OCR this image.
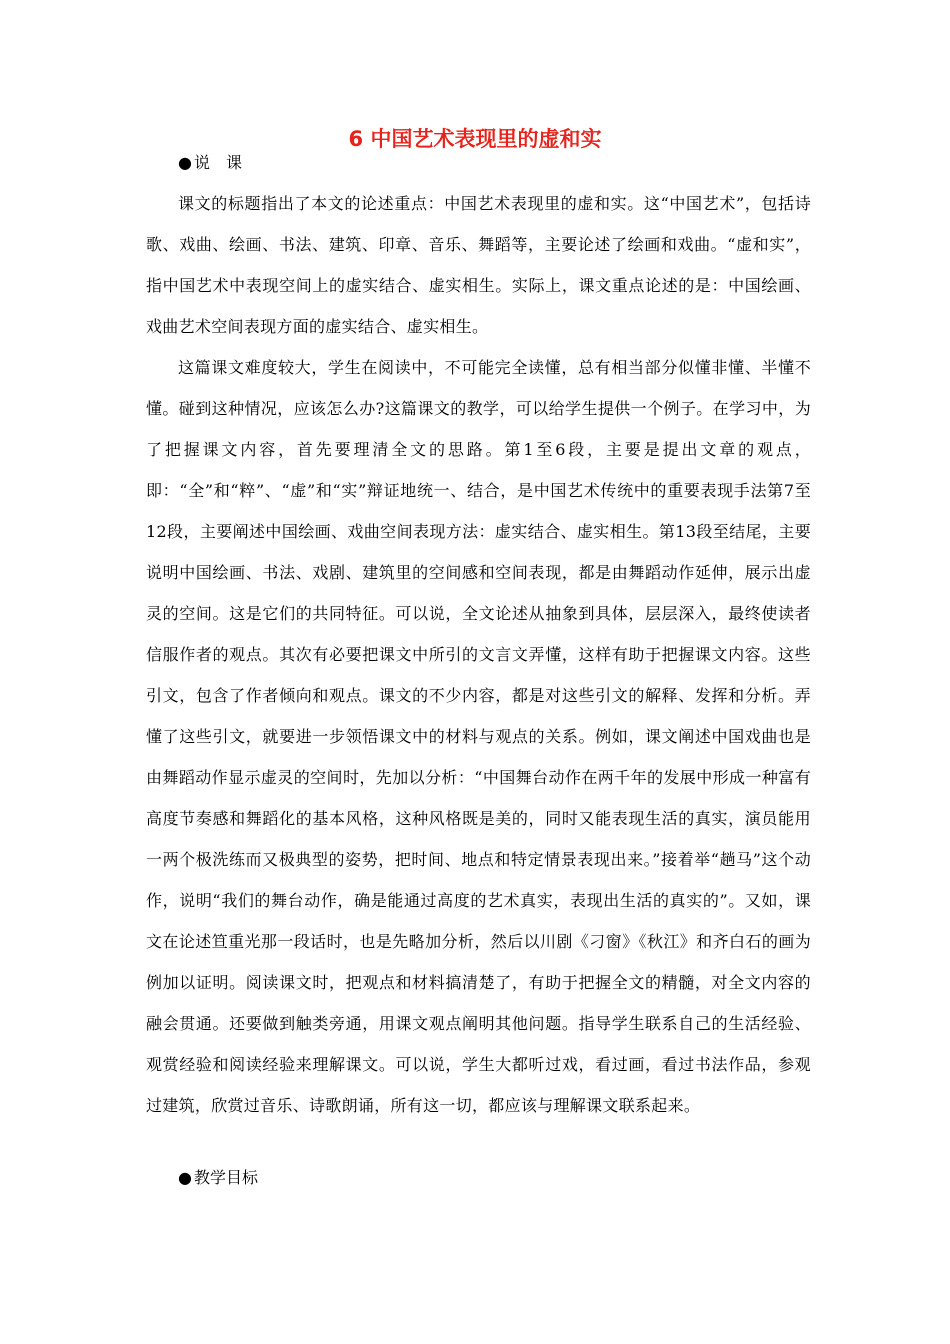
6 中国艺术表现里的虚和实
● 说　课

课文的标题指出了本文的论述重点：中国艺术表现里的虚和实。这“中国艺术”，包括诗歌、戏曲、绘画、书法、建筑、印章、音乐、舞蹈等，主要论述了绘画和戏曲。“虚和实”，指中国艺术中表现空间上的虚实结合、虚实相生。实际上，课文重点论述的是：中国绘画、戏曲艺术空间表现方面的虚实结合、虚实相生。

这篇课文难度较大，学生在阅读中，不可能完全读懂，总有相当部分似懂非懂、半懂不懂。碰到这种情况，应该怎么办?这篇课文的教学，可以给学生提供一个例子。在学习中，为了把握课文内容，首先要理清全文的思路。第1至6段，主要是提出文章的观点，即：“全”和“粹”、“虚”和“实”辩证地统一、结合，是中国艺术传统中的重要表现手法第7至12段，主要阐述中国绘画、戏曲空间表现方法：虚实结合、虚实相生。第13段至结尾，主要说明中国绘画、书法、戏剧、建筑里的空间感和空间表现，都是由舞蹈动作延伸，展示出虚灵的空间。这是它们的共同特征。可以说，全文论述从抽象到具体，层层深入，最终使读者信服作者的观点。其次有必要把课文中所引的文言文弄懂，这样有助于把握课文内容。这些引文，包含了作者倾向和观点。课文的不少内容，都是对这些引文的解释、发挥和分析。弄懂了这些引文，就要进一步领悟课文中的材料与观点的关系。例如，课文阐述中国戏曲也是由舞蹈动作显示虚灵的空间时，先加以分析：“中国舞台动作在两千年的发展中形成一种富有高度节奏感和舞蹈化的基本风格，这种风格既是美的，同时又能表现生活的真实，演员能用一两个极洗练而又极典型的姿势，把时间、地点和特定情景表现出来。”接着举“趟马”这个动作，说明“我们的舞台动作，确是能通过高度的艺术真实，表现出生活的真实的”。又如，课文在论述笪重光那一段话时，也是先略加分析，然后以川剧《刁窗》《秋江》和齐白石的画为例加以证明。阅读课文时，把观点和材料搞清楚了，有助于把握全文的精髓，对全文内容的融会贯通。还要做到触类旁通，用课文观点阐明其他问题。指导学生联系自己的生活经验、观赏经验和阅读经验来理解课文。可以说，学生大都听过戏，看过画，看过书法作品，参观过建筑，欣赏过音乐、诗歌朗诵，所有这一切，都应该与理解课文联系起来。

● 教学目标
